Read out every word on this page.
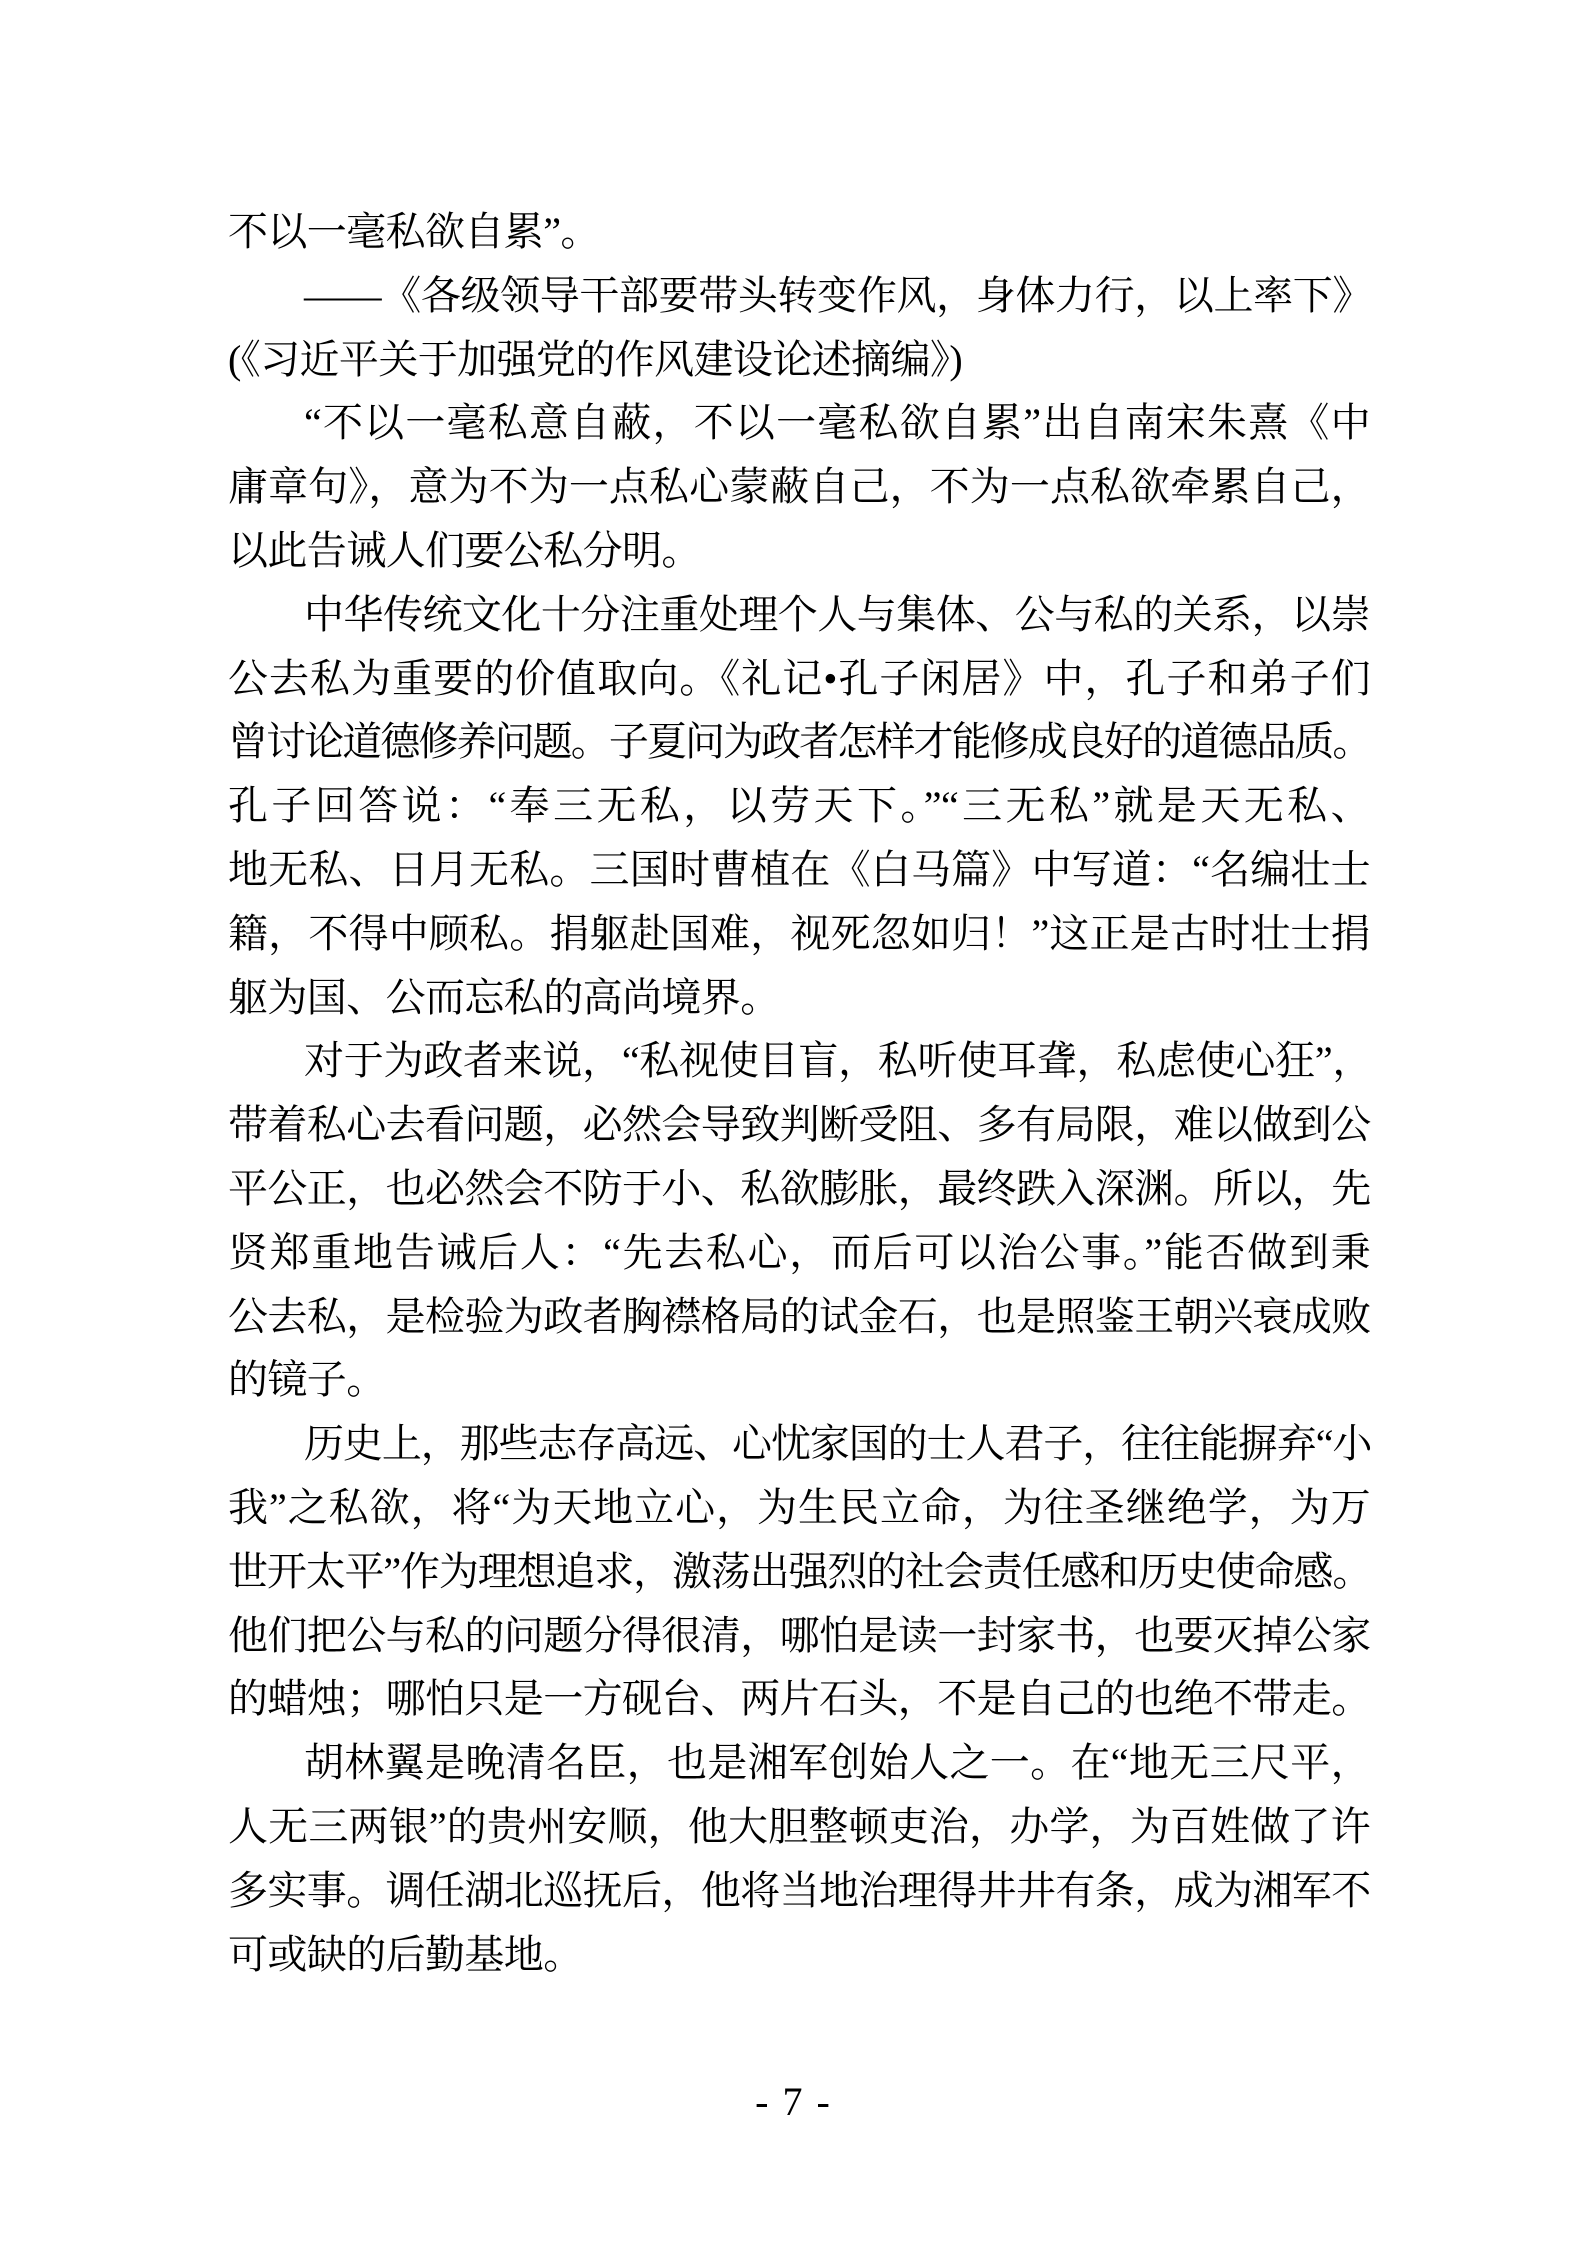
不以一毫私欲自累”。
——《各级领导干部要带头转变作风，身体力行，以上率下》
(《习近平关于加强党的作风建设论述摘编》)
“不以一毫私意自蔽，不以一毫私欲自累”出自南宋朱熹《中
庸章句》，意为不为一点私心蒙蔽自己，不为一点私欲牵累自己，
以此告诫人们要公私分明。
中华传统文化十分注重处理个人与集体、公与私的关系，以崇
公去私为重要的价值取向。《礼记•孔子闲居》中，孔子和弟子们
曾讨论道德修养问题。子夏问为政者怎样才能修成良好的道德品质。
孔子回答说：“奉三无私，以劳天下。”“三无私”就是天无私、
地无私、日月无私。三国时曹植在《白马篇》中写道：“名编壮士
籍，不得中顾私。捐躯赴国难，视死忽如归！”这正是古时壮士捐
躯为国、公而忘私的高尚境界。
对于为政者来说，“私视使目盲，私听使耳聋，私虑使心狂”，
带着私心去看问题，必然会导致判断受阻、多有局限，难以做到公
平公正，也必然会不防于小、私欲膨胀，最终跌入深渊。所以，先
贤郑重地告诫后人：“先去私心，而后可以治公事。”能否做到秉
公去私，是检验为政者胸襟格局的试金石，也是照鉴王朝兴衰成败
的镜子。
历史上，那些志存高远、心忧家国的士人君子，往往能摒弃“小
我”之私欲，将“为天地立心，为生民立命，为往圣继绝学，为万
世开太平”作为理想追求，激荡出强烈的社会责任感和历史使命感。
他们把公与私的问题分得很清，哪怕是读一封家书，也要灭掉公家
的蜡烛；哪怕只是一方砚台、两片石头，不是自己的也绝不带走。
胡林翼是晚清名臣，也是湘军创始人之一。在“地无三尺平，
人无三两银”的贵州安顺，他大胆整顿吏治，办学，为百姓做了许
多实事。调任湖北巡抚后，他将当地治理得井井有条，成为湘军不
可或缺的后勤基地。
- 7 -
